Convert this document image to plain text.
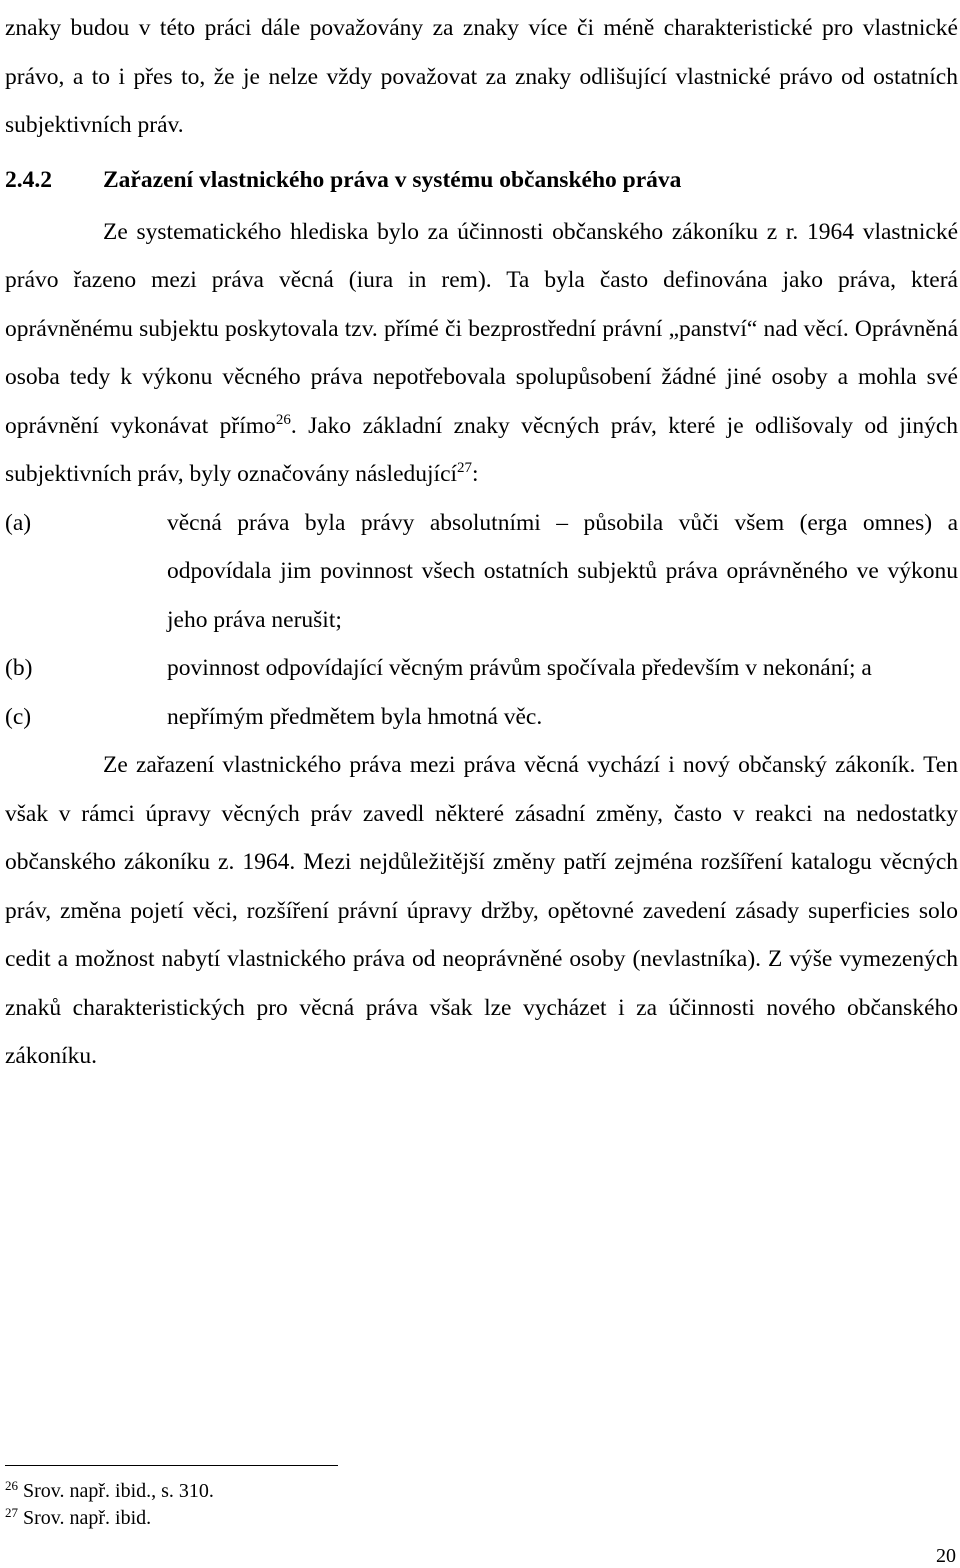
znaky budou v této práci dále považovány za znaky více či méně charakteristické pro vlastnické právo, a to i přes to, že je nelze vždy považovat za znaky odlišující vlastnické právo od ostatních subjektivních práv.

2.4.2 Zařazení vlastnického práva v systému občanského práva

Ze systematického hlediska bylo za účinnosti občanského zákoníku z r. 1964 vlastnické právo řazeno mezi práva věcná (iura in rem). Ta byla často definována jako práva, která oprávněnému subjektu poskytovala tzv. přímé či bezprostřední právní „panství“ nad věcí. Oprávněná osoba tedy k výkonu věcného práva nepotřebovala spolupůsobení žádné jiné osoby a mohla své oprávnění vykonávat přímo$^{26}$. Jako základní znaky věcných práv, které je odlišovaly od jiných subjektivních práv, byly označovány následující$^{27}$:

(a)	věcná práva byla právy absolutními – působila vůči všem (erga omnes) a odpovídala jim povinnost všech ostatních subjektů práva oprávněného ve výkonu jeho práva nerušit;
(b)	povinnost odpovídající věcným právům spočívala především v nekonání; a
(c)	nepřímým předmětem byla hmotná věc.

Ze zařazení vlastnického práva mezi práva věcná vychází i nový občanský zákoník. Ten však v rámci úpravy věcných práv zavedl některé zásadní změny, často v reakci na nedostatky občanského zákoníku z. 1964. Mezi nejdůležitější změny patří zejména rozšíření katalogu věcných práv, změna pojetí věci, rozšíření právní úpravy držby, opětovné zavedení zásady superficies solo cedit a možnost nabytí vlastnického práva od neoprávněné osoby (nevlastníka). Z výše vymezených znaků charakteristických pro věcná práva však lze vycházet i za účinnosti nového občanského zákoníku.

$^{26}$ Srov. např. ibid., s. 310.
$^{27}$ Srov. např. ibid.
20
